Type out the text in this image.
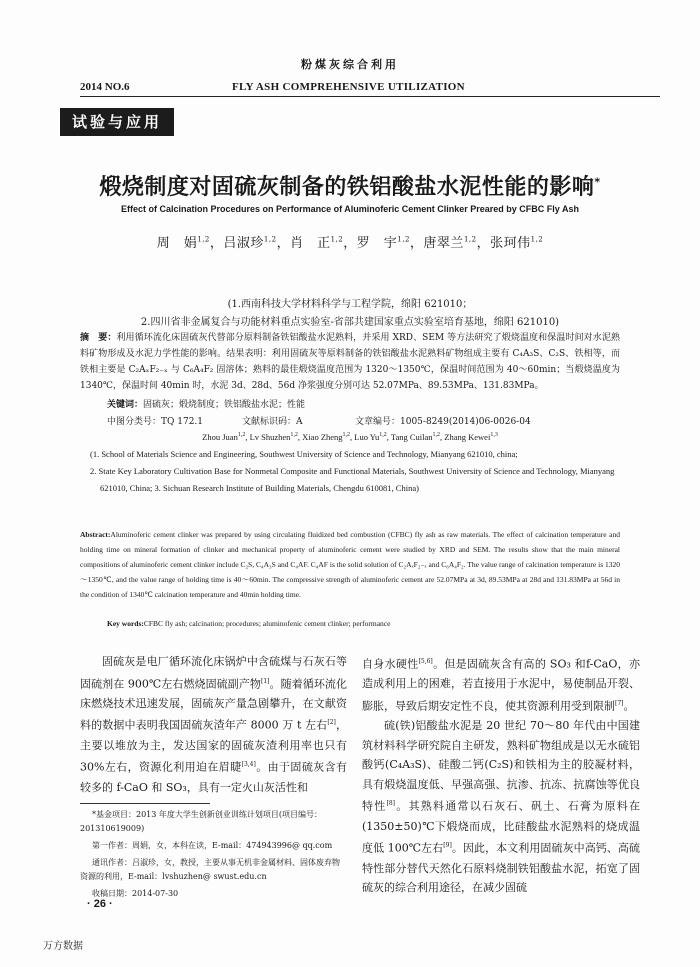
粉煤灰综合利用
2014 NO.6	FLY ASH COMPREHENSIVE UTILIZATION
试验与应用
煅烧制度对固硫灰制备的铁铝酸盐水泥性能的影响*
Effect of Calcination Procedures on Performance of Aluminoferic Cement Clinker Preared by CFBC Fly Ash
周　娟$^{1,2}$，吕淑珍$^{1,2}$，肖　正$^{1,2}$，罗　宇$^{1,2}$，唐翠兰$^{1,2}$，张珂伟$^{1,2}$
(1.西南科技大学材料科学与工程学院，绵阳 621010；
2.四川省非金属复合与功能材料重点实验室-省部共建国家重点实验室培育基地，绵阳 621010)
摘　要：利用循环流化床固硫灰代替部分原料制备铁铝酸盐水泥熟料，并采用 XRD、SEM 等方法研究了煅烧温度和保温时间对水泥熟料矿物形成及水泥力学性能的影响。结果表明：利用固硫灰等原料制备的铁铝酸盐水泥熟料矿物组成主要有 C₄A₃S、C₂S、铁相等，而铁相主要是 C₂AₓF₂₋ₓ 与 C₆A₄F₂ 固溶体；熟料的最佳煅烧温度范围为 1320～1350℃，保温时间范围为 40～60min；当煅烧温度为 1340℃，保温时间 40min 时，水泥 3d、28d、56d 净浆强度分别可达 52.07MPa、89.53MPa、131.83MPa。
关键词：固硫灰；煅烧制度；铁铝酸盐水泥；性能
中图分类号：TQ 172.1	文献标识码：A	文章编号：1005-8249(2014)06-0026-04
Zhou Juan$^{1,2}$, Lv Shuzhen$^{1,2}$, Xiao Zheng$^{1,2}$, Luo Yu$^{1,2}$, Tang Cuilan$^{1,2}$, Zhang Kewei$^{1,3}$

(1. School of Materials Science and Engineering, Southwest University of Science and Technology, Mianyang 621010, china;

2. State Key Laboratory Cultivation Base for Nonmetal Composite and Functional Materials, Southwest University of Science and Technology, Mianyang 621010, China; 3. Sichuan Research Institute of Building Materials, Chengdu 610081, China)

Abstract:Aluminoferic cement clinker was prepared by using circulating fluidized bed combustion (CFBC) fly ash as raw materials. The effect of calcination temperature and holding time on mineral formation of clinker and mechanical property of aluminoferic cement were studied by XRD and SEM. The results show that the main mineral compositions of aluminoferic cement clinker include C₂S, C₄A₃S and C₄AF. C₄AF is the solid solution of C₂AₓF₂₋ₓ and C₆A₄F₂. The value range of calcination temperature is 1320～1350℃, and the value range of holding time is 40～60min. The compressive strength of aluminoferic cement are 52.07MPa at 3d, 89.53MPa at 28d and 131.83MPa at 56d in the condition of 1340℃ calcination temperature and 40min holding time.
Key words:CFBC fly ash; calcination; procedures; aluminofenic cement clinker; performance

固硫灰是电厂循环流化床锅炉中含硫煤与石灰石等固硫剂在 900℃左右燃烧固硫副产物[1]。随着循环流化床燃烧技术迅速发展，固硫灰产量急剧攀升，在文献资料的数据中表明我国固硫灰渣年产 8000 万 t 左右[2]，主要以堆放为主，发达国家的固硫灰渣利用率也只有 30%左右，资源化利用迫在眉睫[3,4]。由于固硫灰含有较多的 f-CaO 和 SO₃，具有一定火山灰活性和

自身水硬性[5,6]。但是固硫灰含有高的 SO₃ 和f-CaO，亦造成利用上的困难，若直接用于水泥中，易使制品开裂、膨胀，导致后期安定性不良，使其资源利用受到限制[7]。

硫(铁)铝酸盐水泥是 20 世纪 70～80 年代由中国建筑材料科学研究院自主研发，熟料矿物组成是以无水硫铝酸钙(C₄A₃S)、硅酸二钙(C₂S)和铁相为主的胶凝材料，具有煅烧温度低、早强高强、抗渗、抗冻、抗腐蚀等优良特性[8]。其熟料通常以石灰石、矾土、石膏为原料在(1350±50)℃下煅烧而成，比硅酸盐水泥熟料的烧成温度低 100℃左右[9]。因此，本文利用固硫灰中高钙、高硫特性部分替代天然化石原料烧制铁铝酸盐水泥，拓宽了固硫灰的综合利用途径，在减少固硫

*基金项目：2013 年度大学生创新创业训练计划项目(项目编号：201310619009)

第一作者：周娟，女，本科在读，E-mail：474943996@ qq.com

通讯作者：吕淑珍，女，教授，主要从事无机非金属材料、固体废弃物资源的利用，E-mail：lvshuzhen@ swust.edu.cn

收稿日期：2014-07-30

· 26 ·
万方数据
